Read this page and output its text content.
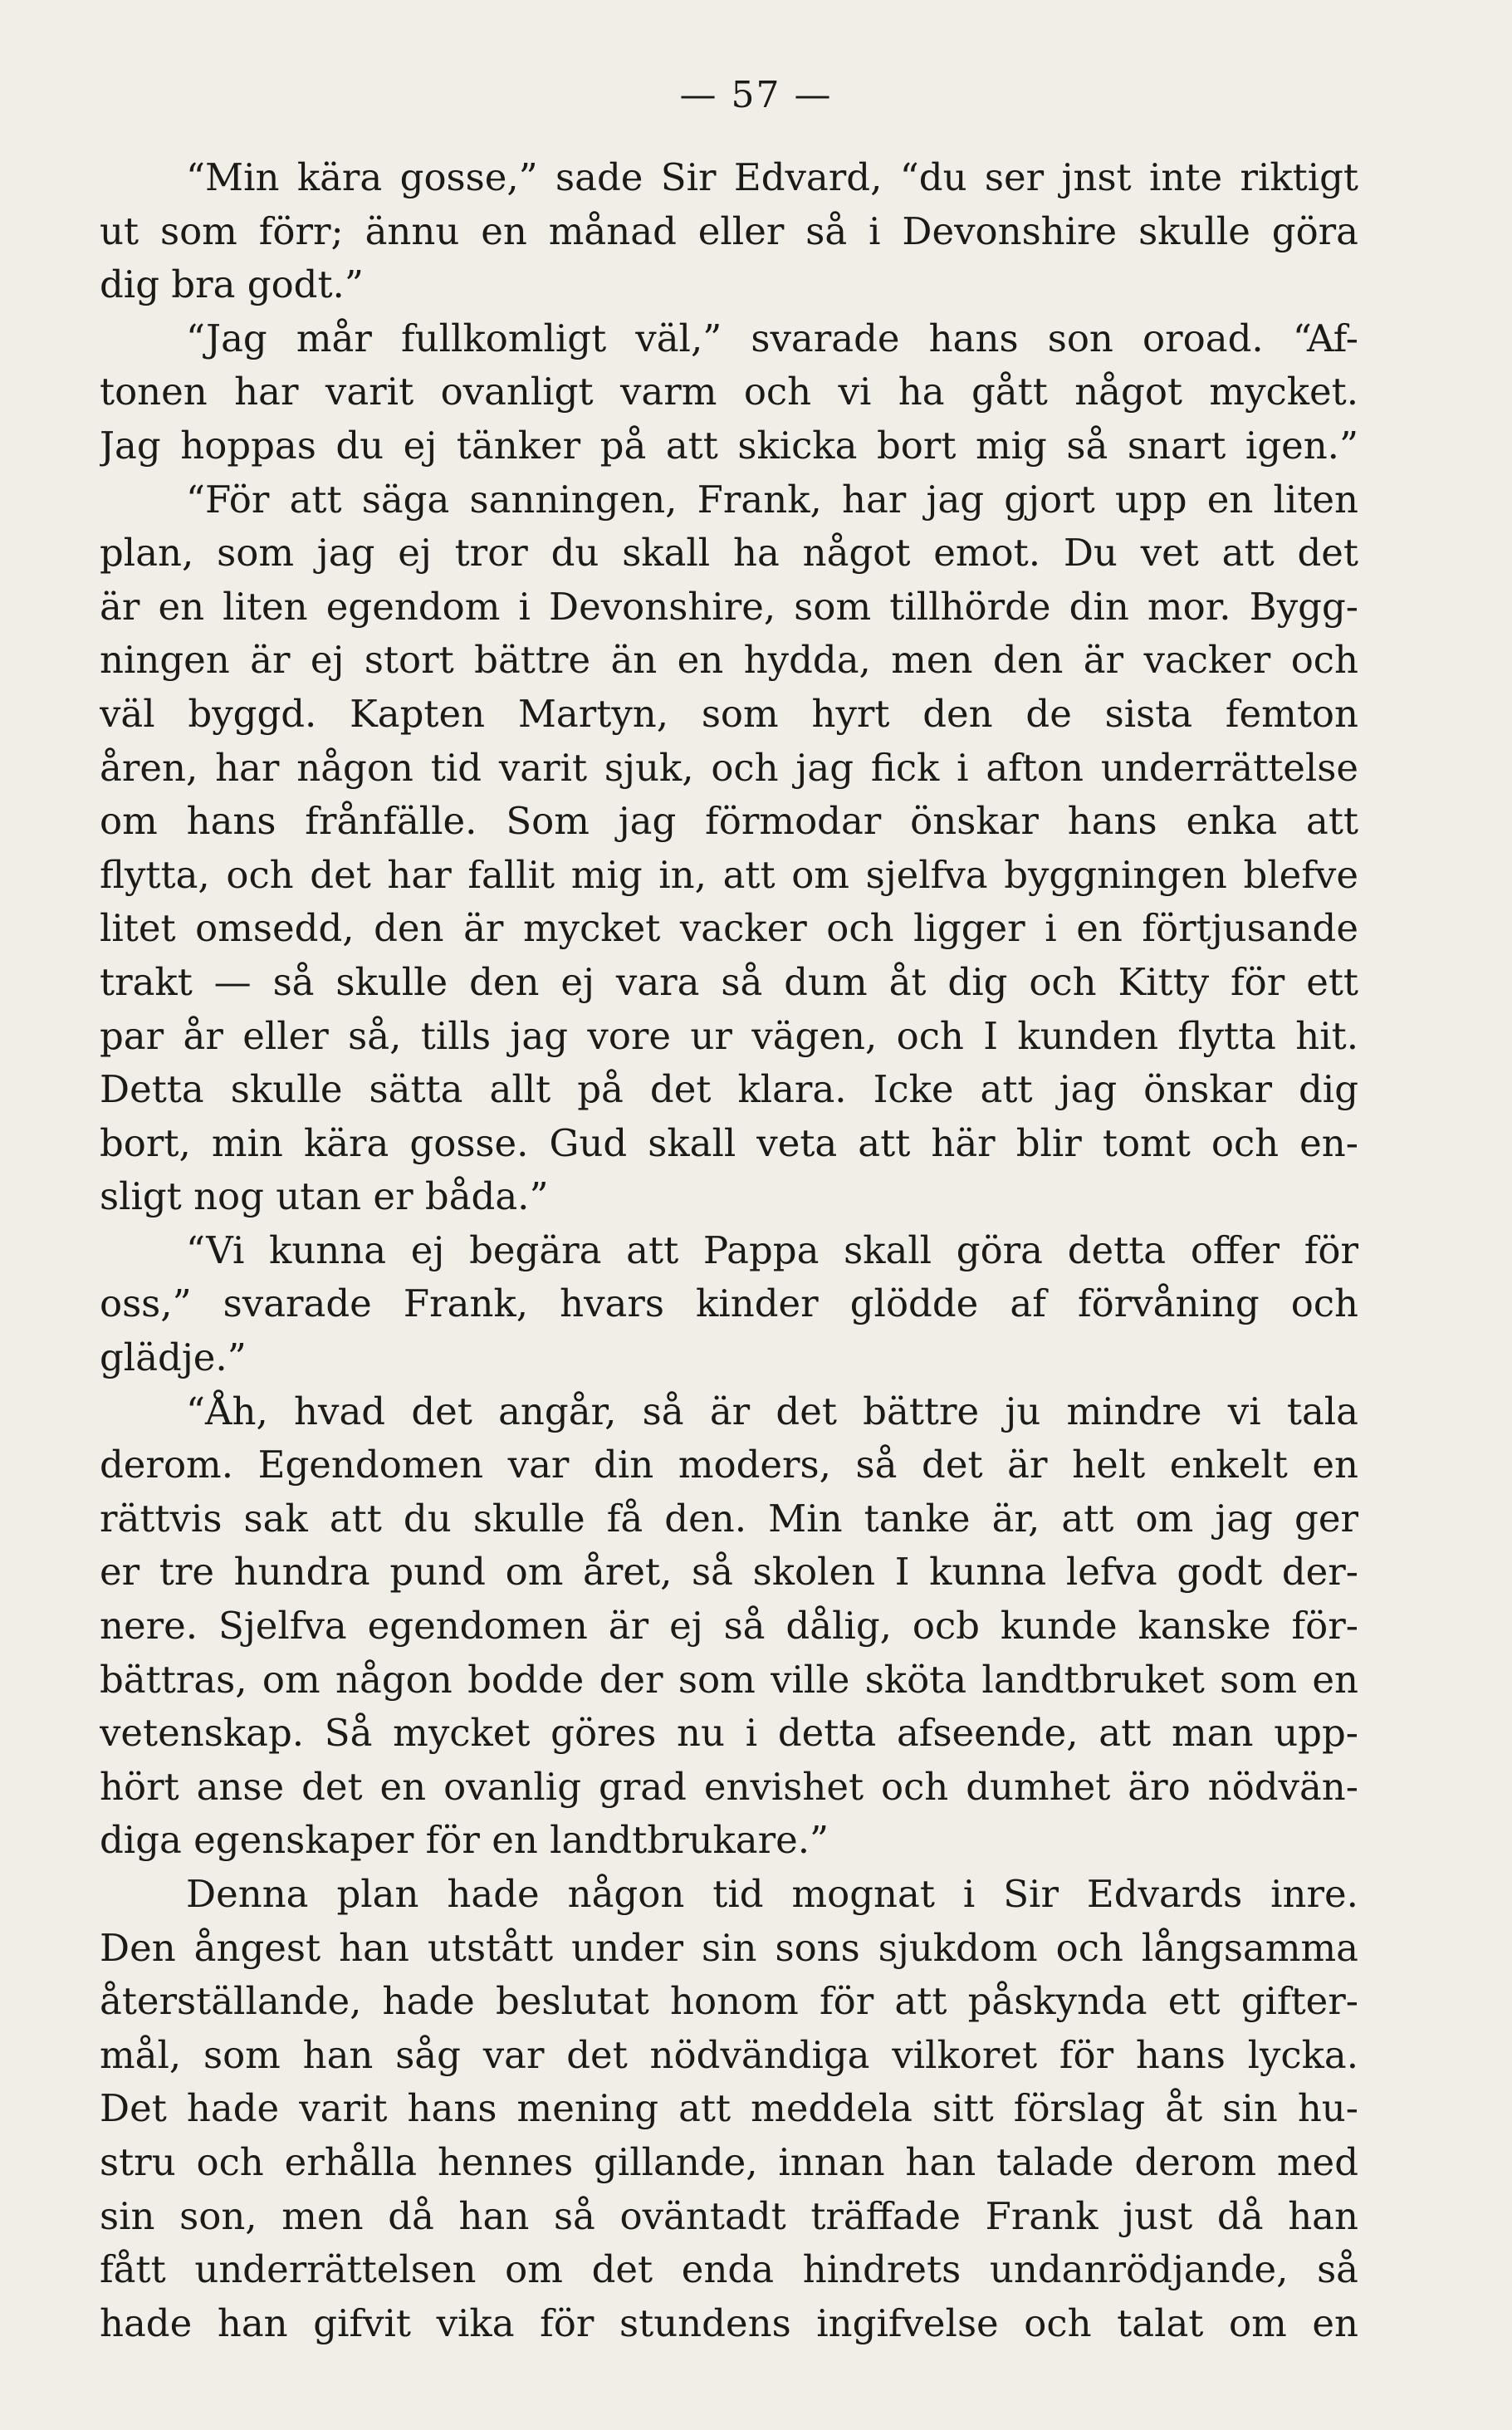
— 57 —
“Min kära gosse,” sade Sir Edvard, “du ser jnst inte riktigt
ut som förr; ännu en månad eller så i Devonshire skulle göra
dig bra godt.”
“Jag mår fullkomligt väl,” svarade hans son oroad. “Af-
tonen har varit ovanligt varm och vi ha gått något mycket.
Jag hoppas du ej tänker på att skicka bort mig så snart igen.”
“För att säga sanningen, Frank, har jag gjort upp en liten
plan, som jag ej tror du skall ha något emot. Du vet att det
är en liten egendom i Devonshire, som tillhörde din mor. Bygg-
ningen är ej stort bättre än en hydda, men den är vacker och
väl byggd. Kapten Martyn, som hyrt den de sista femton
åren, har någon tid varit sjuk, och jag fick i afton underrättelse
om hans frånfälle. Som jag förmodar önskar hans enka att
flytta, och det har fallit mig in, att om sjelfva byggningen blefve
litet omsedd, den är mycket vacker och ligger i en förtjusande
trakt — så skulle den ej vara så dum åt dig och Kitty för ett
par år eller så, tills jag vore ur vägen, och I kunden flytta hit.
Detta skulle sätta allt på det klara. Icke att jag önskar dig
bort, min kära gosse. Gud skall veta att här blir tomt och en-
sligt nog utan er båda.”
“Vi kunna ej begära att Pappa skall göra detta offer för
oss,” svarade Frank, hvars kinder glödde af förvåning och
glädje.”
“Åh, hvad det angår, så är det bättre ju mindre vi tala
derom. Egendomen var din moders, så det är helt enkelt en
rättvis sak att du skulle få den. Min tanke är, att om jag ger
er tre hundra pund om året, så skolen I kunna lefva godt der-
nere. Sjelfva egendomen är ej så dålig, ocb kunde kanske för-
bättras, om någon bodde der som ville sköta landtbruket som en
vetenskap. Så mycket göres nu i detta afseende, att man upp-
hört anse det en ovanlig grad envishet och dumhet äro nödvän-
diga egenskaper för en landtbrukare.”
Denna plan hade någon tid mognat i Sir Edvards inre.
Den ångest han utstått under sin sons sjukdom och långsamma
återställande, hade beslutat honom för att påskynda ett gifter-
mål, som han såg var det nödvändiga vilkoret för hans lycka.
Det hade varit hans mening att meddela sitt förslag åt sin hu-
stru och erhålla hennes gillande, innan han talade derom med
sin son, men då han så oväntadt träffade Frank just då han
fått underrättelsen om det enda hindrets undanrödjande, så
hade han gifvit vika för stundens ingifvelse och talat om en
